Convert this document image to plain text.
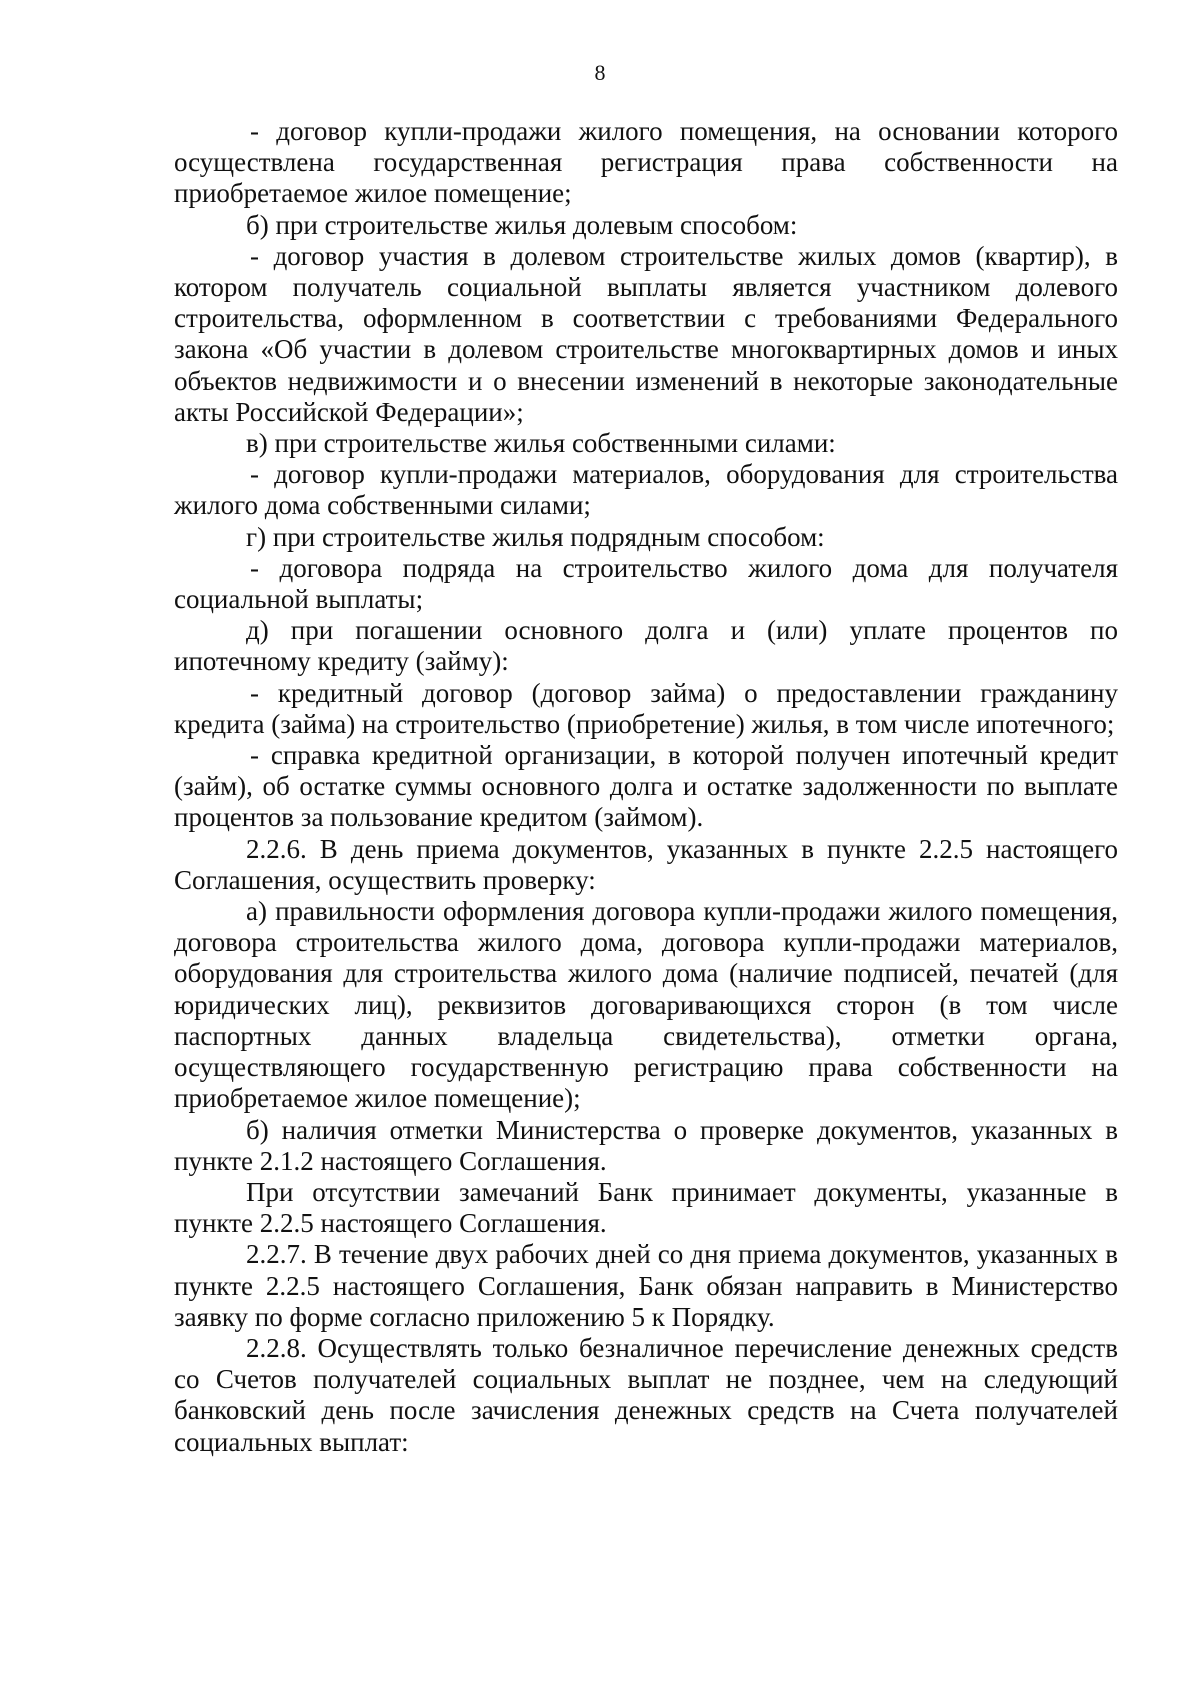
8

- договор купли-продажи жилого помещения, на основании которого осуществлена государственная регистрация права собственности на приобретаемое жилое помещение;

б) при строительстве жилья долевым способом:

- договор участия в долевом строительстве жилых домов (квартир), в котором получатель социальной выплаты является участником долевого строительства, оформленном в соответствии с требованиями Федерального закона «Об участии в долевом строительстве многоквартирных домов и иных объектов недвижимости и о внесении изменений в некоторые законодательные акты Российской Федерации»;

в) при строительстве жилья собственными силами:

- договор купли-продажи материалов, оборудования для строительства жилого дома собственными силами;

г) при строительстве жилья подрядным способом:

- договора подряда на строительство жилого дома для получателя социальной выплаты;

д) при погашении основного долга и (или) уплате процентов по ипотечному кредиту (займу):

- кредитный договор (договор займа) о предоставлении гражданину кредита (займа) на строительство (приобретение) жилья, в том числе ипотечного;

- справка кредитной организации, в которой получен ипотечный кредит (займ), об остатке суммы основного долга и остатке задолженности по выплате процентов за пользование кредитом (займом).

2.2.6. В день приема документов, указанных в пункте 2.2.5 настоящего Соглашения, осуществить проверку:

а) правильности оформления договора купли-продажи жилого помещения, договора строительства жилого дома, договора купли-продажи материалов, оборудования для строительства жилого дома (наличие подписей, печатей (для юридических лиц), реквизитов договаривающихся сторон (в том числе паспортных данных владельца свидетельства), отметки органа, осуществляющего государственную регистрацию права собственности на приобретаемое жилое помещение);

б) наличия отметки Министерства о проверке документов, указанных в пункте 2.1.2 настоящего Соглашения.

При отсутствии замечаний Банк принимает документы, указанные в пункте 2.2.5 настоящего Соглашения.

2.2.7. В течение двух рабочих дней со дня приема документов, указанных в пункте 2.2.5 настоящего Соглашения, Банк обязан направить в Министерство заявку по форме согласно приложению 5 к Порядку.

2.2.8. Осуществлять только безналичное перечисление денежных средств со Счетов получателей социальных выплат не позднее, чем на следующий банковский день после зачисления денежных средств на Счета получателей социальных выплат:
